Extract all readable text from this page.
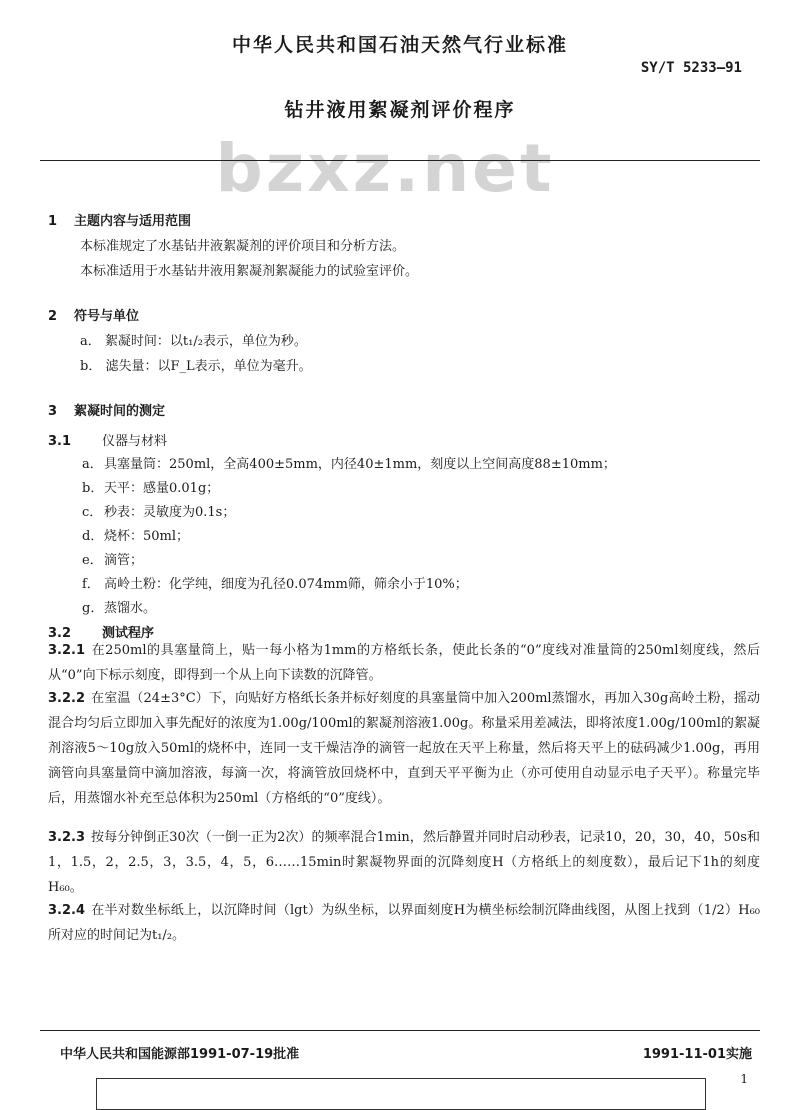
中华人民共和国石油天然气行业标准
SY/T 5233—91
钻井液用絮凝剂评价程序
bzxz.net
1 主题内容与适用范围
本标准规定了水基钻井液絮凝剂的评价项目和分析方法。
本标准适用于水基钻井液用絮凝剂絮凝能力的试验室评价。
2 符号与单位
a． 絮凝时间：以t₁/₂表示，单位为秒。
b． 滤失量：以F_L表示，单位为毫升。
3 絮凝时间的测定
3.1 仪器与材料
a．具塞量筒：250ml，全高400±5mm，内径40±1mm，刻度以上空间高度88±10mm；
b．天平：感量0.01g；
c． 秒表：灵敏度为0.1s；
d．烧杯：50ml；
e．滴管；
f． 高岭土粉：化学纯，细度为孔径0.074mm筛，筛余小于10%；
g．蒸馏水。
3.2 测试程序
3.2.1 在250ml的具塞量筒上，贴一每小格为1mm的方格纸长条，使此长条的“0”度线对准量筒的250ml刻度线，然后从“0”向下标示刻度，即得到一个从上向下读数的沉降管。
3.2.2 在室温（24±3°C）下，向贴好方格纸长条并标好刻度的具塞量筒中加入200ml蒸馏水，再加入30g高岭土粉，摇动混合均匀后立即加入事先配好的浓度为1.00g/100ml的絮凝剂溶液1.00g。称量采用差减法，即将浓度1.00g/100ml的絮凝剂溶液5～10g放入50ml的烧杯中，连同一支干燥洁净的滴管一起放在天平上称量，然后将天平上的砝码减少1.00g，再用滴管向具塞量筒中滴加溶液，每滴一次，将滴管放回烧杯中，直到天平平衡为止（亦可使用自动显示电子天平）。称量完毕后，用蒸馏水补充至总体积为250ml（方格纸的“0”度线）。
3.2.3 按每分钟倒正30次（一倒一正为2次）的频率混合1min，然后静置并同时启动秒表，记录10，20，30，40，50s和1，1.5，2，2.5，3，3.5，4，5，6……15min时絮凝物界面的沉降刻度H（方格纸上的刻度数），最后记下1h的刻度H₆₀。
3.2.4 在半对数坐标纸上，以沉降时间（lgt）为纵坐标，以界面刻度H为横坐标绘制沉降曲线图，从图上找到（1/2）H₆₀所对应的时间记为t₁/₂。
中华人民共和国能源部1991-07-19批准	1991-11-01实施
1
